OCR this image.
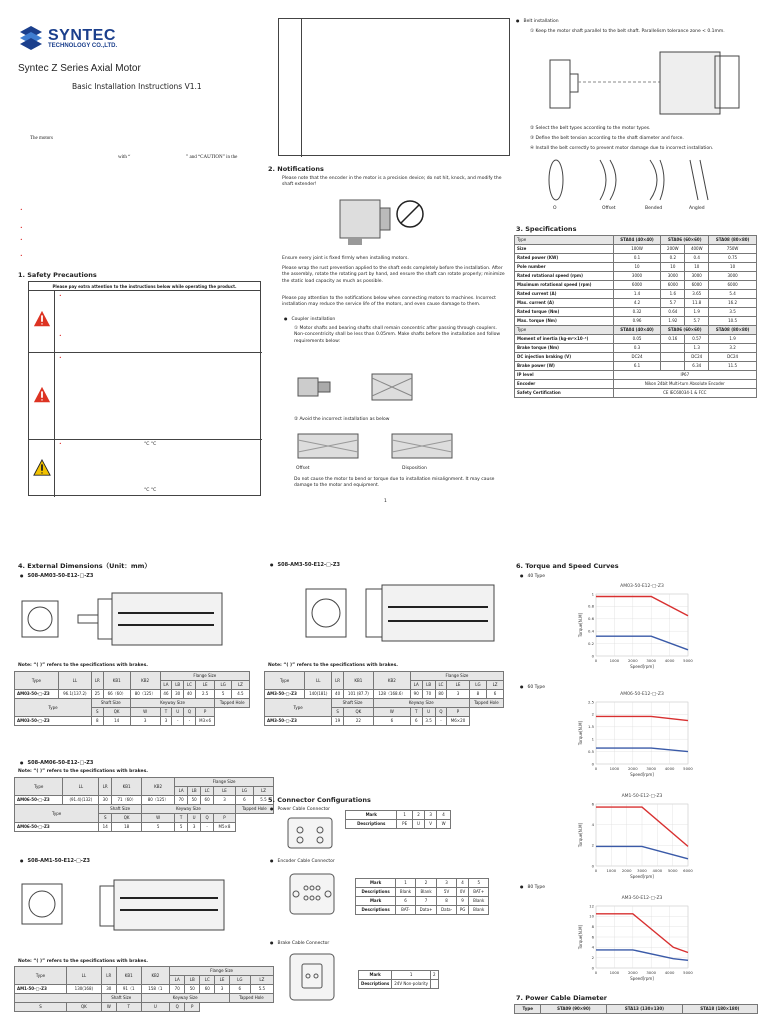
SYNTEC
TECHNOLOGY CO.,LTD.
Syntec Z Series Axial Motor
Basic Installation Instructions V1.1
The motors
with “	” and “CAUTION” in the
•
•
•
•
1. Safety Precautions
Please pay extra attention to the instructions below while operating the product.
•
•
•
•	°C °C
°C °C
2. Notifications
Please note that the encoder in the motor is a precision device; do not hit, knock, and modify the shaft extender!
Ensure every joint is fixed firmly when installing motors.
Please wrap the rust prevention applied to the shaft ends completely before the installation. After the assembly, rotate the rotating part by hand, and ensure the shaft can rotate properly; minimize the static load capacity as much as possible.
Please pay attention to the notifications below when connecting motors to machines. Incorrect installation may reduce the service life of the motors, and even cause damage to them.
● Coupler installation
① Motor shafts and bearing shafts shall remain concentric after passing through couplers. Non-concentricity shall be less than 0.05mm. Make shafts before the installation and follow requirements below:
② Avoid the incorrect installation as below
Offset	Disposition
Do not cause the motor to bend or torque due to installation misalignment. It may cause damage to the motor and equipment.
1
● Belt installation
① Keep the motor shaft parallel to the belt shaft. Parallelism tolerance zone < 0.1mm.
② Select the belt types according to the motor types.
③ Define the belt tension according to the shaft diameter and force.
④ Install the belt correctly to prevent motor damage due to incorrect installation.
O	Offset	Bended	Angled
3. Specifications
Type	STA04 (40×40)	STA06 (60×60)		STA08 (80×80)
Size	100W	200W	400W	750W
Rated power (KW)	0.1	0.2	0.4	0.75
Pole number	10	10	10	10
Rated rotational speed (rpm)	3000	3000	3000	3000
Maximum rotational speed (rpm)	6000	6000	6000	6000
Rated current (A)	1.4	1.6	3.65	5.4
Max. current (A)	4.2	5.7	11.8	16.2
Rated torque (Nm)	0.32	0.64	1.9	3.5
Max. torque (Nm)	0.96	1.92	5.7	10.5
Type	STA04 (40×40)	STA06 (60×60)		STA08 (80×80)
Moment of inertia (kg·m²×10⁻⁴)	0.05	0.16	0.57	1.9
Brake torque (Nm)	0.3		1.3	3.2
DC injection braking (V)	DC24		DC24	DC24
Brake power (W)	6.1		6.34	11.5
IP level	IP67			
Encoder	Nikon 24bit Multi-turn Absolute Encoder			
Safety Certification	CE IEC60034-1 & FCC			
4. External Dimensions（Unit：mm）
● S08-AM03-50-E12-□-Z3
● S08-AM3-50-E12-□-Z3
● S08-AM06-50-E12-□-Z3
● S08-AM1-50-E12-□-Z3
Note: “( )” refers to the specifications with brakes.
Type	LL	LR	KB1	KB2	Flange Size					
					LA	LB	LC	LE	LG	LZ
AM03-50-□-Z3	96.1(137.2)	25	66（60）	80（125）	46	30	40	2.5	5	4.5
Type		Shaft Size		Keyway Size					Tapped Hole	
		S	QK	W	T	U	Q	P		
AM03-50-□-Z3		8	14	3	3	-	-	M3×6		
Note: “( )” refers to the specifications with brakes.
Type	LL	LR	KB1	KB2	Flange Size					
					LA	LB	LC	LE	LG	LZ
AM3-50-□-Z3	140(181)	40	101 (87.7)	128（168.6）	90	70	80	3	8	6
Type		Shaft Size		Keyway Size					Tapped Hole	
		S	QK	W	T	U	Q	P		
AM3-50-□-Z3		19	22	6	6	3.5	-	M6×20		
Note: “( )” refers to the specifications with brakes.
Type	LL	LR	KB1	KB2	Flange Size					
					LA	LB	LC	LE	LG	LZ
AM06-50-□-Z3	(91.4)(132)	30	71（60）	80（125）	70	50	60	3	6	5.5
Type		Shaft Size		Keyway Size					Tapped Hole	
		S	QK	W	T	U	Q	P		
AM06-50-□-Z3		14	18	5	5	3	-	M5×8		
Note: “( )” refers to the specifications with brakes.
Type	LL	LR	KB1	KB2	Flange Size					
					LA	LB	LC	LE	LG	LZ
AM1-50-□-Z3	130(168)	30	91（1	158（1	70	50	60	3	6	5.5
		Shaft Size		Keyway Size					Tapped Hole	
S	QK	W	T	U	Q	P				
5. Connector Configurations
● Power Cable Connector
Mark	1	2	3	4
Descriptions	PE	U	V	W
● Encoder Cable Connector
Mark	1	2	3	4	5
Descriptions	Blank	Blank	5V	0V	BAT+
Mark	6	7	8	9	Blank
Descriptions	BAT-	Data+	Data-	PG	Blank
● Brake Cable Connector
Mark	1	2
Descriptions	24V Non-polarity	
6. Torque and Speed Curves
● 40 Type
● 60 Type
● 80 Type
AM03-50-E12-□-Z3
0	1000 2000 3000 4000 5000
0
0.2
0.4
0.6
0.8
1
Speed[rpm]
Torque[N.M]
AM06-50-E12-□-Z3
0	1000 2000 3000 4000 5000
0
0.5
1
1.5
2
2.5
Speed[rpm]
Torque[N.M]
AM1-50-E12-□-Z3
0 1000 2000 3000 4000 5000 6000
0
2
4
6
Speed[rpm]
Torque[N.M]
AM3-50-E12-□-Z3
0	1000 2000 3000 4000 5000
0
2
4
6
8
10
12
Speed[rpm]
Torque[N.M]
7. Power Cable Diameter
Type	STA09 (90×90)	STA13 (130×130)	STA18 (180×180)
